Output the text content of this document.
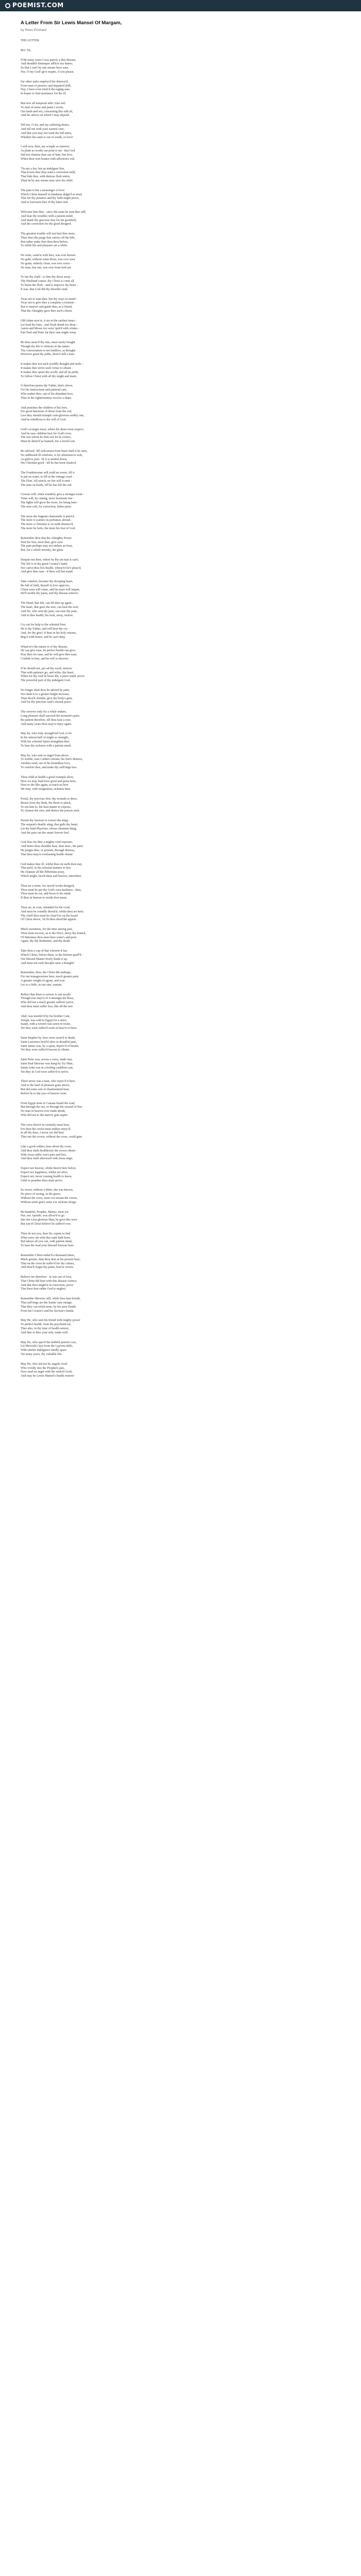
POEMIST.COM
A Letter From Sir Lewis Mansel Of Margam,
by Rees Prichard
THE LETTER.
Rev. Sir,
FOR many years I was pain'd, a dire disease,
And dreadful distemper afflicts my knees;
So that I can't by any means have ease,
Nor, O my God! give respite, if you please.
Far other tasks employ'd the distress'd,
From man of practice and impaired skill,
Nay, I have even tried it the raging seas,
In hopes to find assistance for the ill.
But now all temporal aids! Alas fail;
To man of sense and pains I wrote,
Our lamb and wit, concerning this odd ail,
And his advice on which I may depend.
Tell me, O Sir, and my suffering desire,
And tell me with your earnest cure;
And that you may not want the full attire,
Whether the same is out of wrath, or love?
I will now, then, my scruple so remove;
As plain as words can print it out - that God
Did not chastise thee out of hate, but love,
When thou wert beaten with affection's rod.
'Tis not a foe, but an indulgent Sire,
That lovers thee thus send a correction mild,
That bids thee, with dutious flesh entire,
Than he by any means may save his child.
The pain is but a messenger of love
Which Christ himself in kindness deign'd to send,
That for thy penance and thy faith might prove,
And to forewarn thee of thy latter end.
Welcome him then - since the same he sent thee still,
And bear thy troubles with a patient mind;
And thank thy gracious Sire for his goodwill,
And the correction for thy good design'd.
Thy greatest trouble will not hurt thee more,
Than does the purge that carries off the bile,
But rather make thee then thou before,
To relish life and pleasure yet a while.
No wine, canst'st with best, was ever known
No gold, without some dross, was ever seen
No grain, entirely clean, was ever sown -
No man, but one, was ever from frail sin.
To fan thy chaff - to fine thy dross away -
Thy Husband comes, thy Christ is come all
To burns the flesh - and to improve thy heart -
It was, that God did thy disorder send.
Twas not to man thee; but thy ways to mend -
Twas not to give thee a complete a torment -
But to instruct and guide thee, as a friend,
That the Almighty gave thee such a thorn.
Old Adam now'st, it sin in the earliest times -
Let loud his lusts - and Noah drank too deep -
Aaron and Moses too were 'quit'd with crimes -
Fair Paul and Peter far their sins might weep.
Be thou assur'd thy sins, must surely bought
Though thy life is virtuous in the name;
Thy conversation is not faultless, as thought.
However great thy paths, thou'rt still a man.
It makes thee not such worldly thought and strife -
It makes thee strive each virtue to obtain -
It makes thee spurn the world, and all its pride,
To follow Christ with all thy might and main.
O therefore praise thy Father, that's above,
For his instructions and paternal care,
Who makes thee, out of his abundant love,
Thus in his righteousness receive a share.
And punishes the children of his love,
Ere good functions of those from the rod,
Lest they should triumph vain-glorious earthly one,
And be rebellious to the will of God.
God's scourges most, where his dears most respect,
And he uses children best for God's love;
The rest whom he does not let in correct,
Must be deem'd as bastard, not a lawful son.
Be advised, 'till welcomest from heart shall it be seen,
No unblessed ill comforts, is for whomsoe'er sick,
As gold is pure. 'tif it is melted down,
His Christian good - till he has been cleans'd.
The Frankincense will yield no sweet, till it
Is put on water, to fill in the vintage cruel -
The Flint, 'till struck, no fire will it emit -
The man on Earth, 'till he has felt the rod.
Crosses will, when sounded, give a stronger scent -
Vines will, by cutting, more luxuriant rise -
The lights will grow the more, for being bent -
The men will, for correction, better prize.
The more the fragrant chamomile is prest'd,
The more it scatters its perfumes abroad -
The more a Christian is on earth distress'd,
The more he feels, the more his fear of God.
Remember thou that the Almighty Power
Sent his Son, most dear, give eyes
The pain perhaps may not endure an hour,
But, for a whole eternity, the glass.
Despair not then, where by thy sin hast it can't;
Thy life is in thy great Creator's hand;
Nor can'st thou live health, whene'er he's pleas'd,
And give thee ease - if thou wilt but stand.
Take comfort, because thy drooping heart,
Be full of faith, thyself in love approve;
Christ soon will come, and his tears will impart,
He'll soothe thy pains, and thy disease remove.
The Hand, that felt, can lift thee up again -
The heart, that gave the sore, can heal the sore;
And He, who sent thy pain, can ease thy pain,
And to thee health, his look, away, restore.
Cry out for help to the celestial Peer;
He is thy Father, and will hear thy cry -
And, for thy grief, if thou in his holy orisons,
Beg it with honor, and he can't deny.
Whate'er's the nature is of thy disease,
He can give ease, he perfect health can give;
Pray then for ease, and he will give thee ease;
Confide in him, and he will so deceive.
If he should not, per ad thy word, remove
That with patience go, and wilse, thy heart,
When for thy soul he bears the, a purer mind. prove
The powerful part of thy indulgent God.
No longer shalt thou be adored by pain;
Nor shalt it to a greater height increase;
Than thou'lt shrinke, give thy body's gain,
And for thy precious soul's eternal peace.
Thy sorrows only for a while endure,
Long pleasure shall succeed the moment's pain;
Be patient therefore, till thou hast a cure,
And many years thou may'st enjoy again.
May he, who truly strength'nd God, to be
In his utmost half of might so strength,
With his celestial Spirit strengthen thee,
To bear thy sickness with a patient mind.
May he, who sent so angel from above
To soothe, ease Caithn's stream, his Son's distress,
Another send, out of his boundless love,
To comfort thee, and make thy suff'rings less.
Thou child in health a good example show,
How we may lead lives good and pious here;
Dost so the like again, to teach us how
We may, with resignation, sickness bear.
Portal, thy precious Sire, thy wounds to dress,
Bruise from thy flesh, the thorn to pluck,
To not him lo, the heat matter to express,
To cleanse the sore, and thence the poison suck.
Permit thy Saviour to extract the sting -
The serpent's deadly sting, that galls thy heart;
Let thy kind Physi'ner, whose chemists thing,
And the pain out the smart forever feel.
God does for thee a mighty cord exproms,
And better thou shouldst bear, than miss', the pain:
He purges thee, or present, through distress,
That thou may'st everlasting health obtain.
God makes thee ill, whilst thou on earth dost stay,
That peril, in the celestial manses to lees
He cleanses all the Hibernian away,
Which might, faced ideas and heaven, intereftere.
Thou art a stone, for sacred works design'd,
Thou must be put thy God's own hardness - then,
Thou must be cut, and hewn to his mind,
If thou in heaven to reside dost mean.
Thou art, as corn, intended for the Lord,
And must be soundly thresh'd, whilst thou art here;
Thy chaff thou must be clear'd to on the board
Of Christ above, 'ris fit thou shoul'dst appear.
Much sweetness, for the time among past,
Thou must recover, as to the Dove, dewy thy branch,
Of bitterness thou must here some's and pour
Again, thy thy Redeemer, and thy death.
Take thou a cup of that wherein it has
Which Christ, before these, to the bottom quaff'd -
Our blessed Master freely drank it up,
And must not each disciple taste a draught?
Remember, thou, the Christ did undergo,
For our transgressions here, much greater pain;
A greater weight of agony, and woe
Let so a little, in our sins, sustain.
Reflect that there is sorrow is sad recalls
Though true may'st of it amongst the bless,
Who did not a much greater sufferer prove,
And thou must suffer loss, like all the rest.
Abel, was murder'd by his brother Cain,
Joseph, was sold to Egypt for a slave,
Isaiah, with a wretch was sawn in twain,
Yet they were suffer'd souls in heav'n to have.
Saint Stephen by Jews were stom'd to death,
Saint Lawrence broil'd alive in dreadful pain,
Saint James was, by a spear, depriv'd of breath,
Yet they were suffer'd heaven to obtain.
Saint Peter was, across a cross, made fast,
Saint Paul likewise was hung by 'b'y Hine,
Saints John was in a boiling cauldron cast,
Yet they in God were suffer'd to arrive.
There never was a man, who rejoic'd it here,
And to the land of pleasure gone above,
But did some sort of chastisement bear,
Before he to the joys of heaven went.
From Egypt none to Canaan found the road,
But through the sea, or through the mound of fire;
No man in heaven ever made abode,
Who did not to the narrow gate aspire.
The cross thou'rt in certainly must bear,
Ere thou the crown must endure enjoy'd,
In all thy days, I never yet did hear
That one the crown, without the cross, could gain.
Like a good soldier, bear about thy cross,
And thou shalt doubtlessly the crown obtain -
With Jesus suffer erst's pain and loss,
And thou shall afterward with Jesus reign.
Expect not heaven, whilst thou'rt here below,
Expect not happiness, whilst yet alive,
Expect not, never rousing health to know,
Until to paradise thou shalt arrive.
So sweet, without a bitter, she was known,
No piece of saving, as the grave,
Without the cross, none e'er mount the crown,
Without some grief, none e'er reckons aloigo.
Be thankful, Prophet, Martyr, meet yet
Nor, nor Apostle, was allow'd to go
Into the Lion glorious Man, he gave this were
But Jaw'd Christ believe he suffer'd woe.
Then do not you, dear Sir, repent to find
What sorry sin with that saint hath been,
But labour all you can, with patient mind,
To hear the load your blessed Saviour bore.
Remember Christ endur'd a thousand times,
Much greater, than thou dost at the present bear;
That on the cross he suffer'd for thy crimes,
And thou'lt forget thy pains, how'er severe.
Believe me therefore - in was out of love,
That Christ did here with this disease correct;
And that thou might'st in correction, prove
That thou dost rather God to neglect.
Remember likewise still, while thou hast breath,
That suff'rings are the Saints' sure ensign;
That they can relish none, by his pure Death;
From his Creator's and his Saviour's hands.
May He, who sent his friend with mighty power
To perfect health, from his psychotid sel,
Thee also, in thy time of health restore,
And thee to thee your sick, make well.
May He, who spar'd the faithful patron's son,
Let Merciah's lays from the Lyp'erta dells,
With similar indulgence kindly spare
Yet many years, thy valuable life.
May He, who fed not by angelic food
Who vividly into the Prophet's pan,
Now send an angel with the wish'd Good,
And may be Lewis Mansel's health restore!
